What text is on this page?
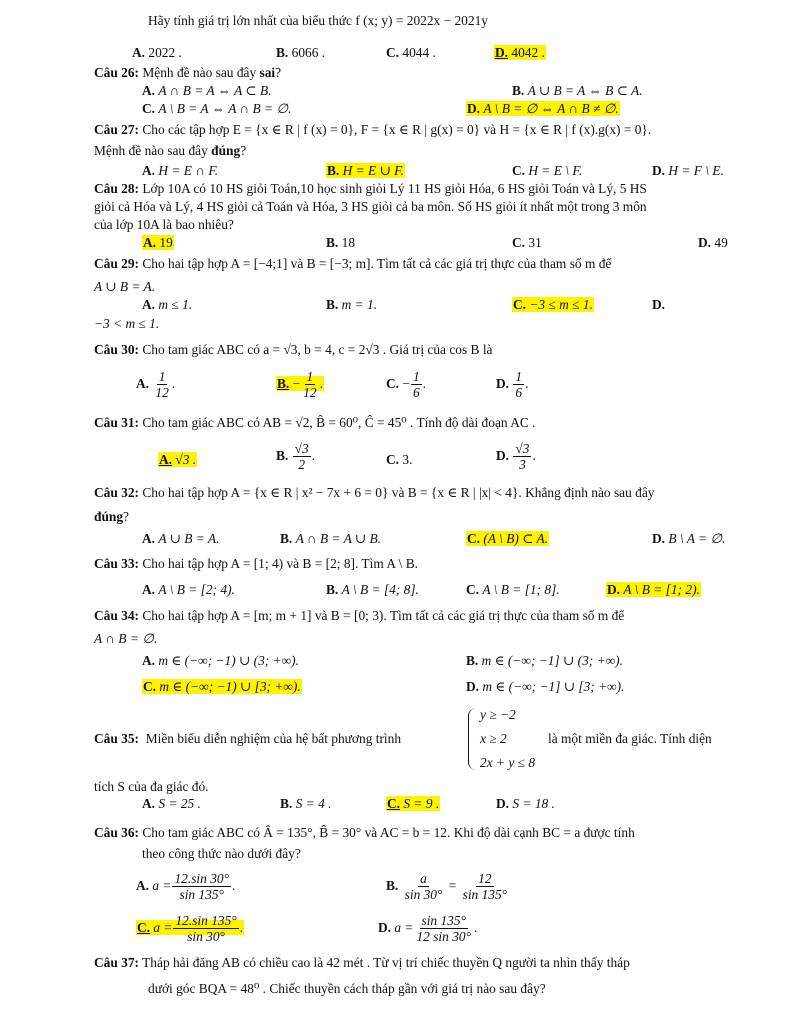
Hãy tính giá trị lớn nhất của biểu thức f (x; y) = 2022x − 2021y
A. 2022 .	B. 6066 .	C. 4044 .	D. 4042 .
Câu 26: Mệnh đề nào sau đây sai?
A. A ∩ B = A ⇔ A ⊂ B.	B. A ∪ B = A ⇔ B ⊂ A.
C. A \ B = A ⇔ A ∩ B = ∅.	D. A \ B = ∅ ⇔ A ∩ B ≠ ∅.
Câu 27: Cho các tập hợp E = {x ∈ R | f (x) = 0}, F = {x ∈ R | g(x) = 0} và H = {x ∈ R | f (x).g(x) = 0}.
Mệnh đề nào sau đây đúng?
A. H = E ∩ F.	B. H = E ∪ F.	C. H = E \ F.	D. H = F \ E.
Câu 28: Lớp 10A có 10 HS giỏi Toán,10 học sinh giỏi Lý 11 HS giỏi Hóa, 6 HS giỏi Toán và Lý, 5 HS
giỏi cả Hóa và Lý, 4 HS giỏi cả Toán và Hóa, 3 HS giỏi cả ba môn. Số HS giỏi ít nhất một trong 3 môn
của lớp 10A là bao nhiêu?
A. 19	B. 18	C. 31	D. 49
Câu 29: Cho hai tập hợp A = [−4;1] và B = [−3; m]. Tìm tất cả các giá trị thực của tham số m để
A ∪ B = A.
A. m ≤ 1.	B. m = 1.	C. −3 ≤ m ≤ 1.	D.
−3 < m ≤ 1.
Câu 30: Cho tam giác ABC có a = √3, b = 4, c = 2√3 . Giá trị của cos B là
A. $\frac{1}{12}$ .	B. − $\frac{1}{12}$ .	C. − $\frac{1}{6}$ .	D. $\frac{1}{6}$ .
Câu 31: Cho tam giác ABC có AB = √2, B̂ = 60⁰, Ĉ = 45⁰ . Tính độ dài đoạn AC .
A. √3 .	B. $\frac{√3}{2}$ .	C. 3.	D. $\frac{√3}{3}$ .
Câu 32: Cho hai tập hợp A = {x ∈ R | x² − 7x + 6 = 0} và B = {x ∈ R | |x| < 4}. Khẳng định nào sau đây
đúng?
A. A ∪ B = A.	B. A ∩ B = A ∪ B.	C. (A \ B) ⊂ A.	D. B \ A = ∅.
Câu 33: Cho hai tập hợp A = [1; 4) và B = [2; 8]. Tìm A \ B.
A. A \ B = [2; 4).	B. A \ B = [4; 8].	C. A \ B = [1; 8].	D. A \ B = [1; 2).
Câu 34: Cho hai tập hợp A = [m; m + 1] và B = [0; 3). Tìm tất cả các giá trị thực của tham số m để
A ∩ B = ∅.
A. m ∈ (−∞; −1) ∪ (3; +∞).	B. m ∈ (−∞; −1] ∪ (3; +∞).
C. m ∈ (−∞; −1) ∪ [3; +∞).	D. m ∈ (−∞; −1] ∪ [3; +∞).
Câu 35: Miền biểu diễn nghiệm của hệ bất phương trình
y ≥ −2
x ≥ 2
2x + y ≤ 8
là một miền đa giác. Tính diện
tích S của đa giác đó.
A. S = 25 .	B. S = 4 .	C. S = 9 .	D. S = 18 .
Câu 36: Cho tam giác ABC có Â = 135°, B̂ = 30° và AC = b = 12. Khi độ dài cạnh BC = a được tính
theo công thức nào dưới đây?
A. $a = \frac{12.\sin 30^\circ}{\sin 135^\circ}$ .	B. $\frac{a}{\sin 30^\circ} = \frac{12}{\sin 135^\circ}$
C. $a = \frac{12.\sin 135^\circ}{\sin 30^\circ}$ .	D. $a = \frac{\sin 135^\circ}{12 \sin 30^\circ}$ .
Câu 37: Tháp hải đăng AB có chiều cao là 42 mét . Từ vị trí chiếc thuyền Q người ta nhìn thấy tháp
dưới góc BQA = 48⁰ . Chiếc thuyền cách tháp gần với giá trị nào sau đây?
